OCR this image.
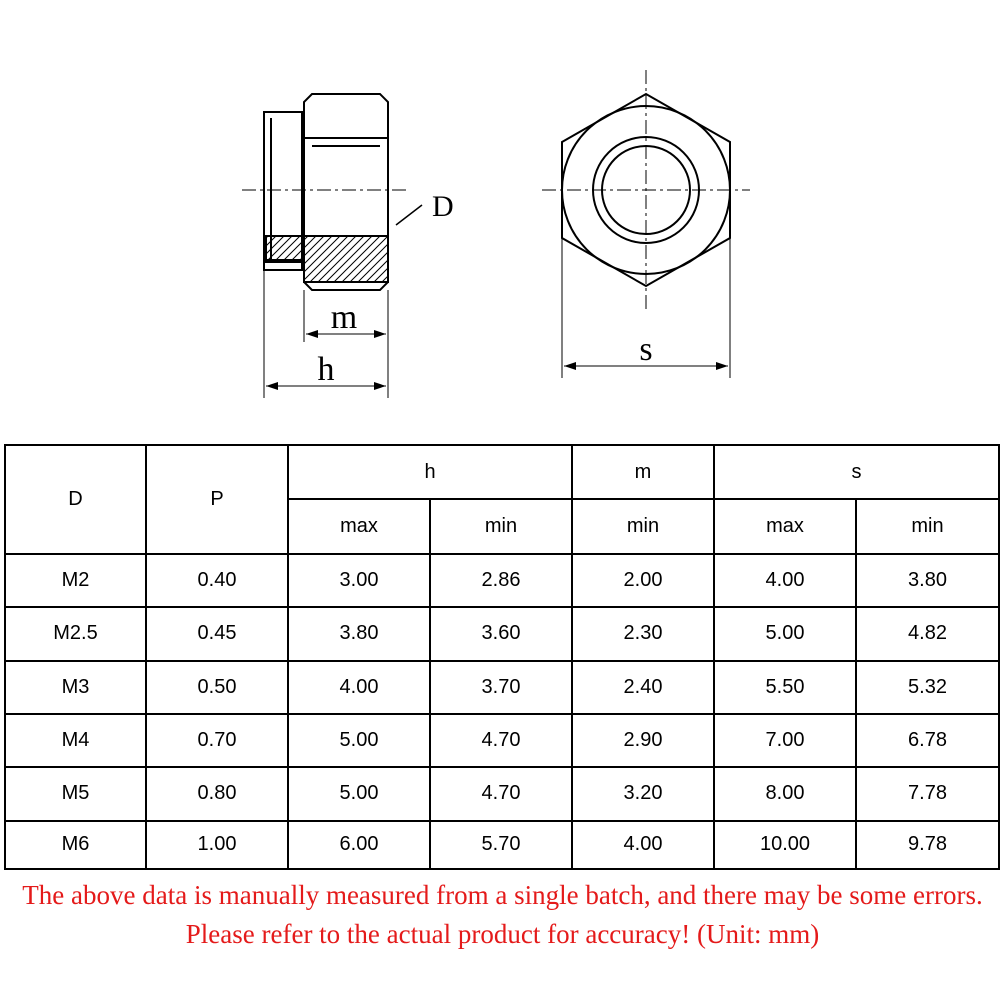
D
m
h
s
D	P	h		m	s	
		max	min	min	max	min
M2	0.40	3.00	2.86	2.00	4.00	3.80
M2.5	0.45	3.80	3.60	2.30	5.00	4.82
M3	0.50	4.00	3.70	2.40	5.50	5.32
M4	0.70	5.00	4.70	2.90	7.00	6.78
M5	0.80	5.00	4.70	3.20	8.00	7.78
M6	1.00	6.00	5.70	4.00	10.00	9.78
The above data is manually measured from a single batch, and there may be some errors. Please refer to the actual product for accuracy! (Unit: mm)
